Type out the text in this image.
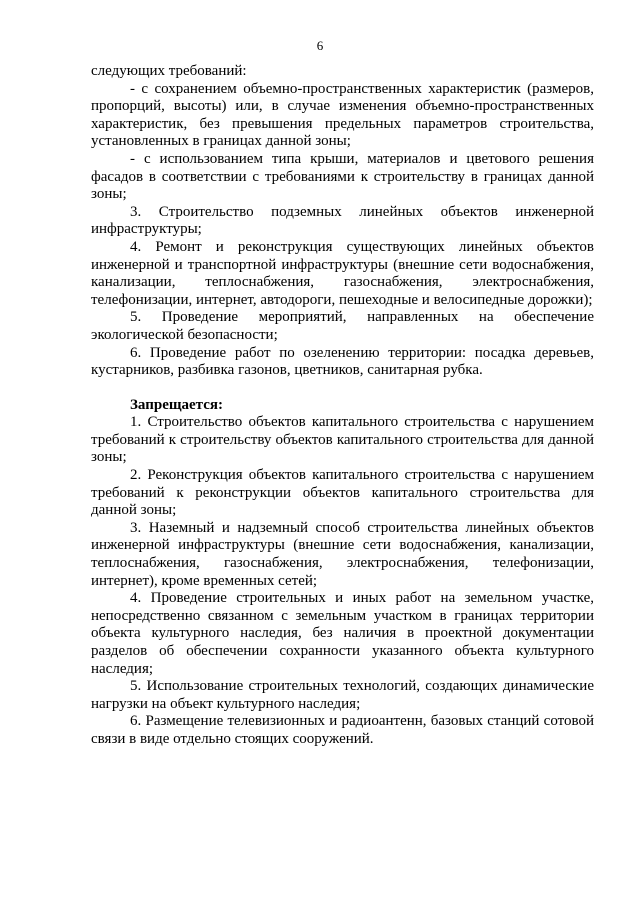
6

следующих требований:

- с сохранением объемно-пространственных характеристик (размеров, пропорций, высоты) или, в случае изменения объемно-пространственных характеристик, без превышения предельных параметров строительства, установленных в границах данной зоны;

- с использованием типа крыши, материалов и цветового решения фасадов в соответствии с требованиями к строительству в границах данной зоны;

3. Строительство подземных линейных объектов инженерной инфраструктуры;

4. Ремонт и реконструкция существующих линейных объектов инженерной и транспортной инфраструктуры (внешние сети водоснабжения, канализации, теплоснабжения, газоснабжения, электроснабжения, телефонизации, интернет, автодороги, пешеходные и велосипедные дорожки);

5. Проведение мероприятий, направленных на обеспечение экологической безопасности;

6. Проведение работ по озеленению территории: посадка деревьев, кустарников, разбивка газонов, цветников, санитарная рубка.

Запрещается:

1. Строительство объектов капитального строительства с нарушением требований к строительству объектов капитального строительства для данной зоны;

2. Реконструкция объектов капитального строительства с нарушением требований к реконструкции объектов капитального строительства для данной зоны;

3. Наземный и надземный способ строительства линейных объектов инженерной инфраструктуры (внешние сети водоснабжения, канализации, теплоснабжения, газоснабжения, электроснабжения, телефонизации, интернет), кроме временных сетей;

4. Проведение строительных и иных работ на земельном участке, непосредственно связанном с земельным участком в границах территории объекта культурного наследия, без наличия в проектной документации разделов об обеспечении сохранности указанного объекта культурного наследия;

5. Использование строительных технологий, создающих динамические нагрузки на объект культурного наследия;

6. Размещение телевизионных и радиоантенн, базовых станций сотовой связи в виде отдельно стоящих сооружений.
